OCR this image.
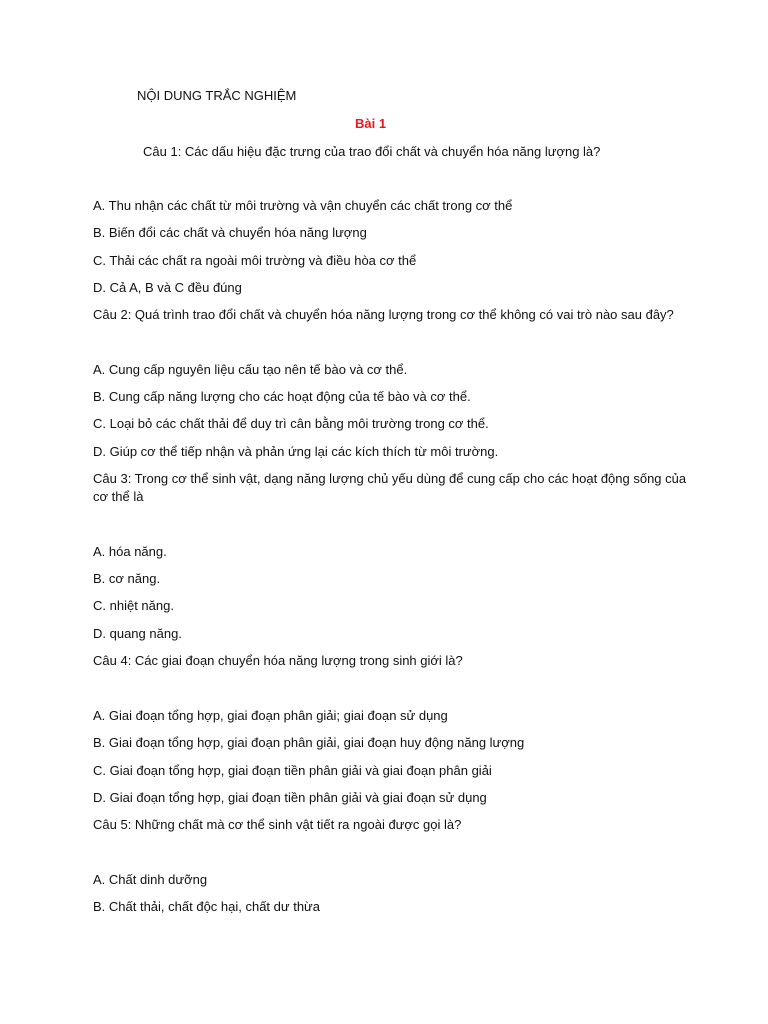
NỘI DUNG TRẮC NGHIỆM
Bài 1
Câu 1: Các dấu hiệu đặc trưng của trao đổi chất và chuyển hóa năng lượng là?
A. Thu nhận các chất từ môi trường và vận chuyển các chất trong cơ thể
B. Biến đổi các chất và chuyển hóa năng lượng
C. Thải các chất ra ngoài môi trường và điều hòa cơ thể
D. Cả A, B và C đều đúng
Câu 2: Quá trình trao đổi chất và chuyển hóa năng lượng trong cơ thể không có vai trò nào sau đây?
A. Cung cấp nguyên liệu cấu tạo nên tế bào và cơ thể.
B. Cung cấp năng lượng cho các hoạt động của tế bào và cơ thể.
C. Loại bỏ các chất thải để duy trì cân bằng môi trường trong cơ thể.
D. Giúp cơ thể tiếp nhận và phản ứng lại các kích thích từ môi trường.
Câu 3: Trong cơ thể sinh vật, dạng năng lượng chủ yếu dùng để cung cấp cho các hoạt động sống của cơ thể là
A. hóa năng.
B. cơ năng.
C. nhiệt năng.
D. quang năng.
Câu 4: Các giai đoạn chuyển hóa năng lượng trong sinh giới là?
A. Giai đoạn tổng hợp, giai đoạn phân giải; giai đoạn sử dụng
B. Giai đoạn tổng hợp, giai đoạn phân giải, giai đoạn huy động năng lượng
C. Giai đoạn tổng hợp, giai đoạn tiền phân giải và giai đoạn phân giải
D. Giai đoạn tổng hợp, giai đoạn tiền phân giải và giai đoạn sử dụng
Câu 5: Những chất mà cơ thể sinh vật tiết ra ngoài được gọi là?
A. Chất dinh dưỡng
B. Chất thải, chất độc hại, chất dư thừa
